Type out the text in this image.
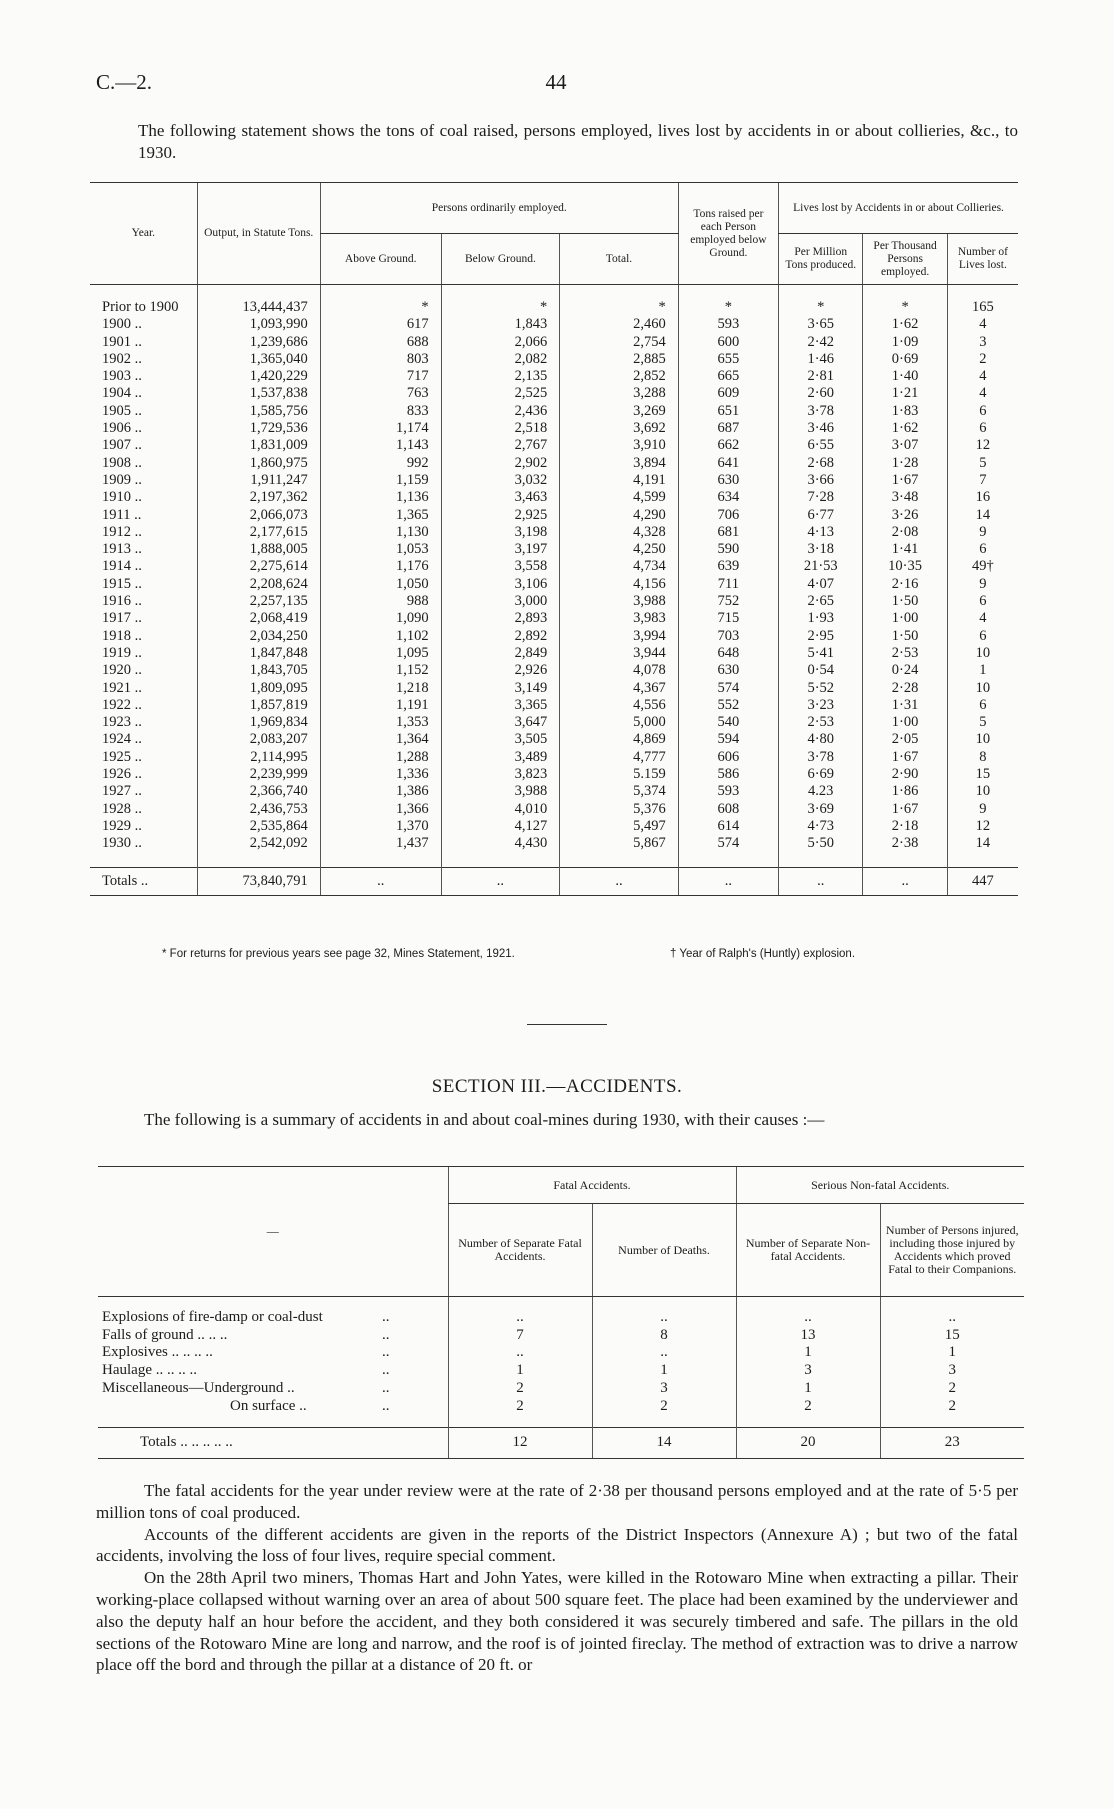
C.—2.	44
The following statement shows the tons of coal raised, persons employed, lives lost by accidents in or about collieries, &c., to 1930.
Year.	Output, in Statute Tons.	Persons ordinarily employed.			Tons raised per each Person employed below Ground.	Lives lost by Accidents in or about Collieries.		
		Above Ground.	Below Ground.	Total.		Per Million Tons produced.	Per Thousand Persons employed.	Number of Lives lost.

Prior to 1900	13,444,437	*	*	*	*	*	*	165
1900 ..	1,093,990	617	1,843	2,460	593	3·65	1·62	4
1901 ..	1,239,686	688	2,066	2,754	600	2·42	1·09	3
1902 ..	1,365,040	803	2,082	2,885	655	1·46	0·69	2
1903 ..	1,420,229	717	2,135	2,852	665	2·81	1·40	4
1904 ..	1,537,838	763	2,525	3,288	609	2·60	1·21	4
1905 ..	1,585,756	833	2,436	3,269	651	3·78	1·83	6
1906 ..	1,729,536	1,174	2,518	3,692	687	3·46	1·62	6
1907 ..	1,831,009	1,143	2,767	3,910	662	6·55	3·07	12
1908 ..	1,860,975	992	2,902	3,894	641	2·68	1·28	5
1909 ..	1,911,247	1,159	3,032	4,191	630	3·66	1·67	7
1910 ..	2,197,362	1,136	3,463	4,599	634	7·28	3·48	16
1911 ..	2,066,073	1,365	2,925	4,290	706	6·77	3·26	14
1912 ..	2,177,615	1,130	3,198	4,328	681	4·13	2·08	9
1913 ..	1,888,005	1,053	3,197	4,250	590	3·18	1·41	6
1914 ..	2,275,614	1,176	3,558	4,734	639	21·53	10·35	49†
1915 ..	2,208,624	1,050	3,106	4,156	711	4·07	2·16	9
1916 ..	2,257,135	988	3,000	3,988	752	2·65	1·50	6
1917 ..	2,068,419	1,090	2,893	3,983	715	1·93	1·00	4
1918 ..	2,034,250	1,102	2,892	3,994	703	2·95	1·50	6
1919 ..	1,847,848	1,095	2,849	3,944	648	5·41	2·53	10
1920 ..	1,843,705	1,152	2,926	4,078	630	0·54	0·24	1
1921 ..	1,809,095	1,218	3,149	4,367	574	5·52	2·28	10
1922 ..	1,857,819	1,191	3,365	4,556	552	3·23	1·31	6
1923 ..	1,969,834	1,353	3,647	5,000	540	2·53	1·00	5
1924 ..	2,083,207	1,364	3,505	4,869	594	4·80	2·05	10
1925 ..	2,114,995	1,288	3,489	4,777	606	3·78	1·67	8
1926 ..	2,239,999	1,336	3,823	5.159	586	6·69	2·90	15
1927 ..	2,366,740	1,386	3,988	5,374	593	4.23	1·86	10
1928 ..	2,436,753	1,366	4,010	5,376	608	3·69	1·67	9
1929 ..	2,535,864	1,370	4,127	5,497	614	4·73	2·18	12
1930 ..	2,542,092	1,437	4,430	5,867	574	5·50	2·38	14

Totals ..	73,840,791	..	..	..	..	..	..	447
* For returns for previous years see page 32, Mines Statement, 1921.	† Year of Ralph's (Huntly) explosion.
SECTION III.—ACCIDENTS.
The following is a summary of accidents in and about coal-mines during 1930, with their causes :—
—	Fatal Accidents.		Serious Non-fatal Accidents.	
	Number of Separate Fatal Accidents.	Number of Deaths.	Number of Separate Non-fatal Accidents.	Number of Persons injured, including those injured by Accidents which proved Fatal to their Companions.

Explosions of fire-damp or coal-dust ..	..	..	..	..
Falls of ground .. .. .. ..	7	8	13	15
Explosives .. .. .. .. ..	..	..	1	1
Haulage .. .. .. .. ..	1	1	3	3
Miscellaneous—Underground .. ..	2	3	1	2
On surface .. ..	2	2	2	2

Totals .. .. .. .. ..	12	14	20	23

The fatal accidents for the year under review were at the rate of 2·38 per thousand persons employed and at the rate of 5·5 per million tons of coal produced.

Accounts of the different accidents are given in the reports of the District Inspectors (Annexure A) ; but two of the fatal accidents, involving the loss of four lives, require special comment.

On the 28th April two miners, Thomas Hart and John Yates, were killed in the Rotowaro Mine when extracting a pillar. Their working-place collapsed without warning over an area of about 500 square feet. The place had been examined by the underviewer and also the deputy half an hour before the accident, and they both considered it was securely timbered and safe. The pillars in the old sections of the Rotowaro Mine are long and narrow, and the roof is of jointed fireclay. The method of extraction was to drive a narrow place off the bord and through the pillar at a distance of 20 ft. or
